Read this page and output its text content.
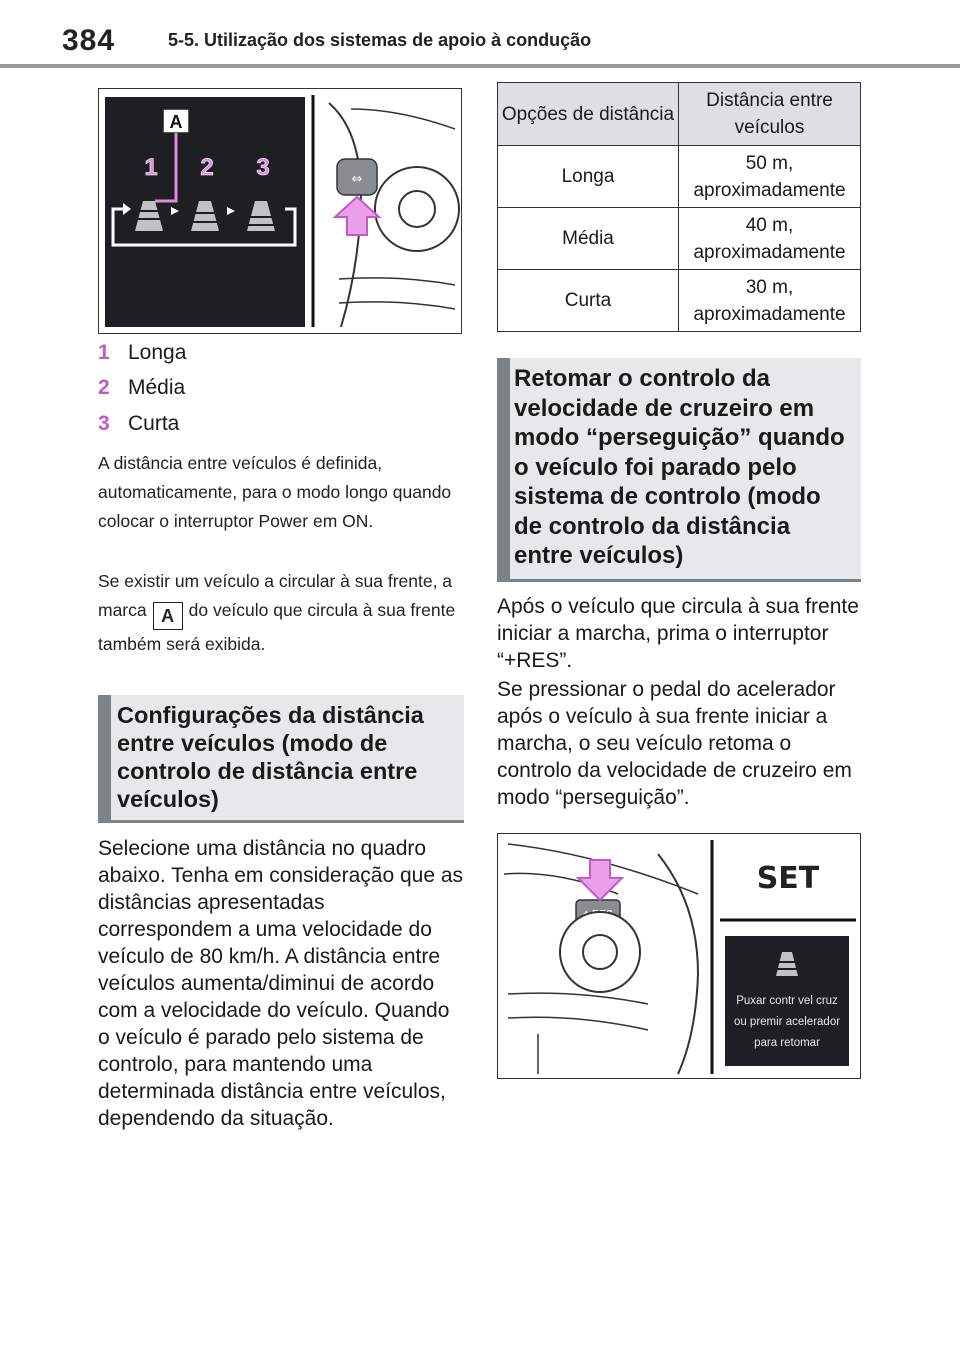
384	5-5. Utilização dos sistemas de apoio à condução
A
1 2 3	⇔
1 Longa
2 Média
3 Curta
A distância entre veículos é definida, automaticamente, para o modo longo quando colocar o interruptor Power em ON.
Se existir um veículo a circular à sua frente, a marca A do veículo que circula à sua frente também será exibida.
Configurações da distância entre veículos (modo de controlo de distância entre veículos)
Selecione uma distância no quadro abaixo. Tenha em consideração que as distâncias apresentadas correspondem a uma velocidade do veículo de 80 km/h. A distância entre veículos aumenta/diminui de acordo com a velocidade do veículo. Quando o veículo é parado pelo sistema de controlo, para mantendo uma determinada distância entre veículos, dependendo da situação.
Opções de distância	Distância entre veículos
Longa	50 m, aproximadamente
Média	40 m, aproximadamente
Curta	30 m, aproximadamente
Retomar o controlo da velocidade de cruzeiro em modo “perseguição” quando o veículo foi parado pelo sistema de controlo (modo de controlo da distância entre veículos)
Após o veículo que circula à sua frente iniciar a marcha, prima o interruptor “+RES”.
Se pressionar o pedal do acelerador após o veículo à sua frente iniciar a marcha, o seu veículo retoma o controlo da velocidade de cruzeiro em modo “perseguição”.
SET
Puxar contr vel cruz
ou premir acelerador
para retomar
